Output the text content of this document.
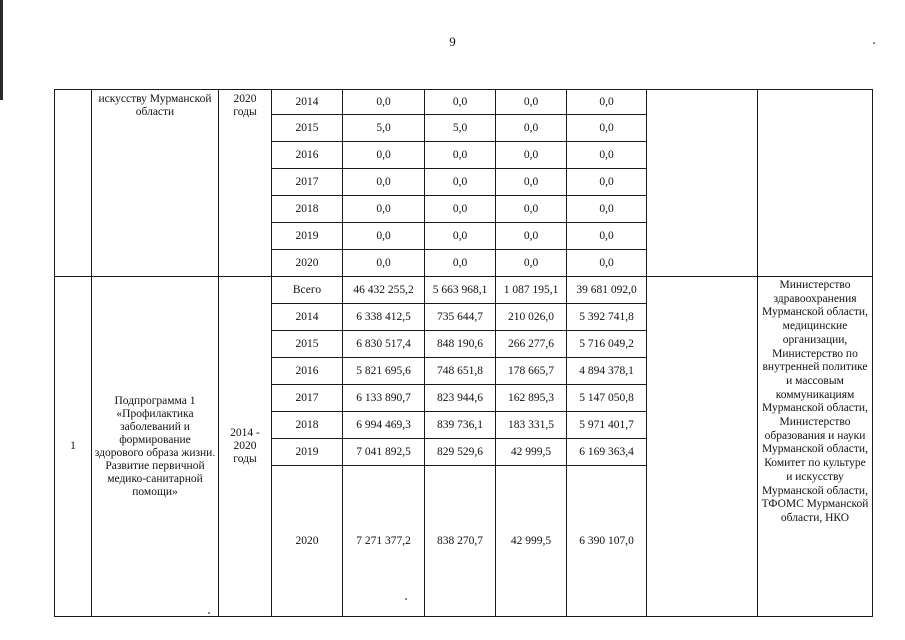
9
	искусству Мурманской области	2020 годы	2014	0,0	0,0	0,0	0,0		
			2015	5,0	5,0	0,0	0,0		
			2016	0,0	0,0	0,0	0,0		
			2017	0,0	0,0	0,0	0,0		
			2018	0,0	0,0	0,0	0,0		
			2019	0,0	0,0	0,0	0,0		
			2020	0,0	0,0	0,0	0,0		
1	Подпрограмма 1 «Профилактика заболеваний и формирование здорового образа жизни. Развитие первичной медико-санитарной помощи»	2014 - 2020 годы	Всего	46 432 255,2	5 663 968,1	1 087 195,1	39 681 092,0		Министерство здравоохранения Мурманской области, медицинские организации, Министерство по внутренней политике и массовым коммуникациям Мурманской области, Министерство образования и науки Мурманской области, Комитет по культуре и искусству Мурманской области, ТФОМС Мурманской области, НКО
			2014	6 338 412,5	735 644,7	210 026,0	5 392 741,8		
			2015	6 830 517,4	848 190,6	266 277,6	5 716 049,2		
			2016	5 821 695,6	748 651,8	178 665,7	4 894 378,1		
			2017	6 133 890,7	823 944,6	162 895,3	5 147 050,8		
			2018	6 994 469,3	839 736,1	183 331,5	5 971 401,7		
			2019	7 041 892,5	829 529,6	42 999,5	6 169 363,4		
			2020	7 271 377,2	838 270,7	42 999,5	6 390 107,0		
